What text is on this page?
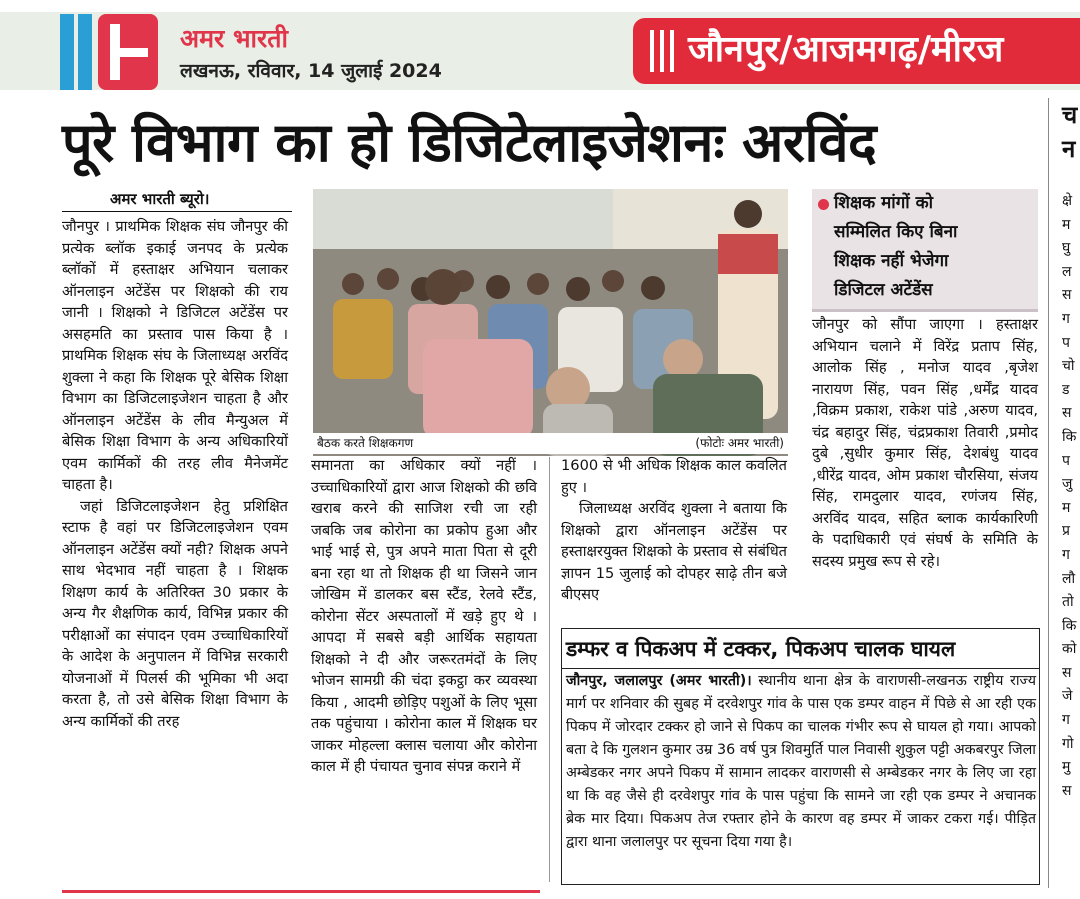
अमर भारती
लखनऊ, रविवार, 14 जुलाई 2024
जौनपुर/आजमगढ़/मीरज
पूरे विभाग का हो डिजिटेलाइजेशनः अरविंद
अमर भारती ब्यूरो।

जौनपुर । प्राथमिक शिक्षक संघ जौनपुर की प्रत्येक ब्लॉक इकाई जनपद के प्रत्येक ब्लॉकों में हस्ताक्षर अभियान चलाकर ऑनलाइन अटेंडेंस पर शिक्षको की राय जानी । शिक्षको ने डिजिटल अटेंडेंस पर असहमति का प्रस्ताव पास किया है । प्राथमिक शिक्षक संघ के जिलाध्यक्ष अरविंद शुक्ला ने कहा कि शिक्षक पूरे बेसिक शिक्षा विभाग का डिजिटलाइजेशन चाहता है और ऑनलाइन अटेंडेंस के लीव मैन्युअल में बेसिक शिक्षा विभाग के अन्य अधिकारियों एवम कार्मिकों की तरह लीव मैनेजमेंट चाहता है।

जहां डिजिटलाइजेशन हेतु प्रशिक्षित स्टाफ है वहां पर डिजिटलाइजेशन एवम ऑनलाइन अटेंडेंस क्यों नही? शिक्षक अपने साथ भेदभाव नहीं चाहता है । शिक्षक शिक्षण कार्य के अतिरिक्त 30 प्रकार के अन्य गैर शैक्षणिक कार्य, विभिन्न प्रकार की परीक्षाओं का संपादन एवम उच्चाधिकारियों के आदेश के अनुपालन में विभिन्न सरकारी योजनाओं में पिलर्स की भूमिका भी अदा करता है, तो उसे बेसिक शिक्षा विभाग के अन्य कार्मिकों की तरह

बैठक करते शिक्षकगण	(फोटोः अमर भारती)

समानता का अधिकार क्यों नहीं । उच्चाधिकारियों द्वारा आज शिक्षको की छवि खराब करने की साजिश रची जा रही जबकि जब कोरोना का प्रकोप हुआ और भाई भाई से, पुत्र अपने माता पिता से दूरी बना रहा था तो शिक्षक ही था जिसने जान जोखिम में डालकर बस स्टैंड, रेलवे स्टैंड, कोरोना सेंटर अस्पतालों में खड़े हुए थे । आपदा में सबसे बड़ी आर्थिक सहायता शिक्षको ने दी और जरूरतमंदों के लिए भोजन सामग्री की चंदा इकट्ठा कर व्यवस्था किया , आदमी छोड़िए पशुओं के लिए भूसा तक पहुंचाया । कोरोना काल में शिक्षक घर जाकर मोहल्ला क्लास चलाया और कोरोना काल में ही पंचायत चुनाव संपन्न कराने में

1600 से भी अधिक शिक्षक काल कवलित हुए ।

जिलाध्यक्ष अरविंद शुक्ला ने बताया कि शिक्षको द्वारा ऑनलाइन अटेंडेंस पर हस्ताक्षरयुक्त शिक्षको के प्रस्ताव से संबंधित ज्ञापन 15 जुलाई को दोपहर साढ़े तीन बजे बीएसए

शिक्षक मांगों को
सम्मिलित किए बिना
शिक्षक नहीं भेजेगा
डिजिटल अटेंडेंस

जौनपुर को सौंपा जाएगा । हस्ताक्षर अभियान चलाने में विरेंद्र प्रताप सिंह, आलोक सिंह , मनोज यादव ,बृजेश नारायण सिंह, पवन सिंह ,धर्मेंद्र यादव ,विक्रम प्रकाश, राकेश पांडे ,अरुण यादव, चंद्र बहादुर सिंह, चंद्रप्रकाश तिवारी ,प्रमोद दुबे ,सुधीर कुमार सिंह, देशबंधु यादव ,धीरेंद्र यादव, ओम प्रकाश चौरसिया, संजय सिंह, रामदुलार यादव, रणंजय सिंह, अरविंद यादव, सहित ब्लाक कार्यकारिणी के पदाधिकारी एवं संघर्ष के समिति के सदस्य प्रमुख रूप से रहे।

डम्फर व पिकअप में टक्कर, पिकअप चालक घायल

जौनपुर, जलालपुर (अमर भारती)। स्थानीय थाना क्षेत्र के वाराणसी-लखनऊ राष्ट्रीय राज्य मार्ग पर शनिवार की सुबह में दरवेशपुर गांव के पास एक डम्पर वाहन में पिछे से आ रही एक पिकप में जोरदार टक्कर हो जाने से पिकप का चालक गंभीर रूप से घायल हो गया। आपको बता दे कि गुलशन कुमार उम्र 36 वर्ष पुत्र शिवमुर्ति पाल निवासी शुकुल पट्टी अकबरपुर जिला अम्बेडकर नगर अपने पिकप में सामान लादकर वाराणसी से अम्बेडकर नगर के लिए जा रहा था कि वह जैसे ही दरवेशपुर गांव के पास पहुंचा कि सामने जा रही एक डम्पर ने अचानक ब्रेक मार दिया। पिकअप तेज रफ्तार होने के कारण वह डम्पर में जाकर टकरा गई। पीड़ित द्वारा थाना जलालपुर पर सूचना दिया गया है।

च
न
क्षे
म
घु
ल
स
ग
प
चो
ड
स
कि
प
जु
म
प्र
ग
लौ
तो
कि
को
स
जे
ग
गो
मु
स
